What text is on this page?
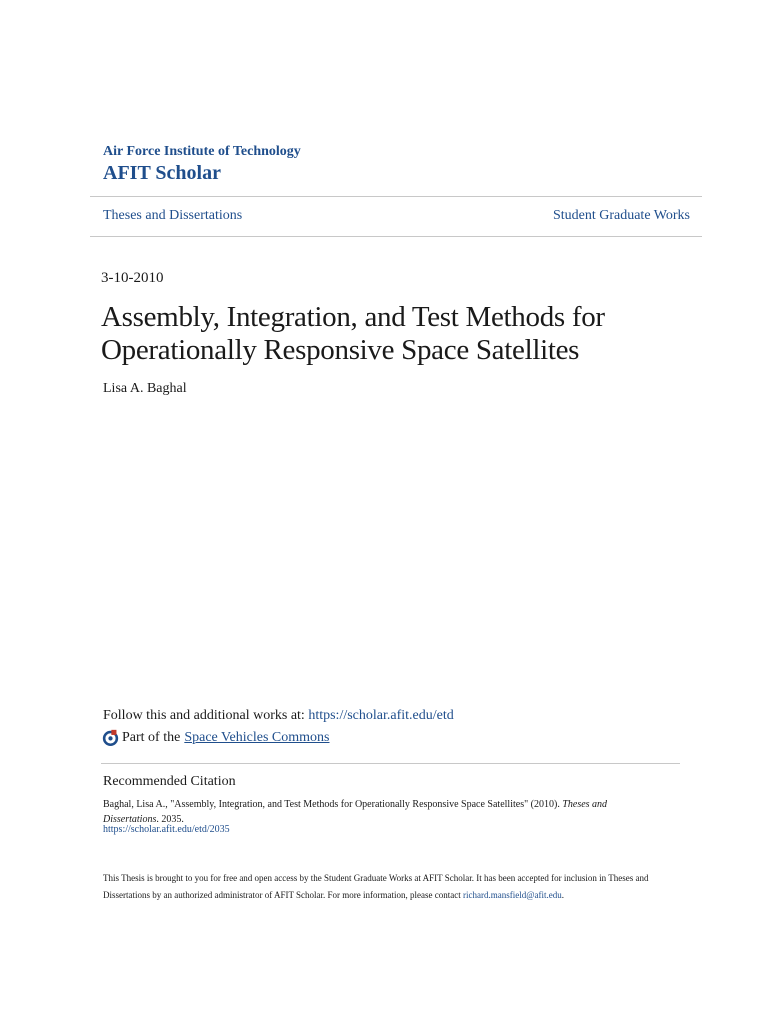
Air Force Institute of Technology
AFIT Scholar
Theses and Dissertations	Student Graduate Works
3-10-2010
Assembly, Integration, and Test Methods for Operationally Responsive Space Satellites
Lisa A. Baghal
Follow this and additional works at: https://scholar.afit.edu/etd
Part of the Space Vehicles Commons
Recommended Citation
Baghal, Lisa A., "Assembly, Integration, and Test Methods for Operationally Responsive Space Satellites" (2010). Theses and Dissertations. 2035.
https://scholar.afit.edu/etd/2035
This Thesis is brought to you for free and open access by the Student Graduate Works at AFIT Scholar. It has been accepted for inclusion in Theses and Dissertations by an authorized administrator of AFIT Scholar. For more information, please contact richard.mansfield@afit.edu.
